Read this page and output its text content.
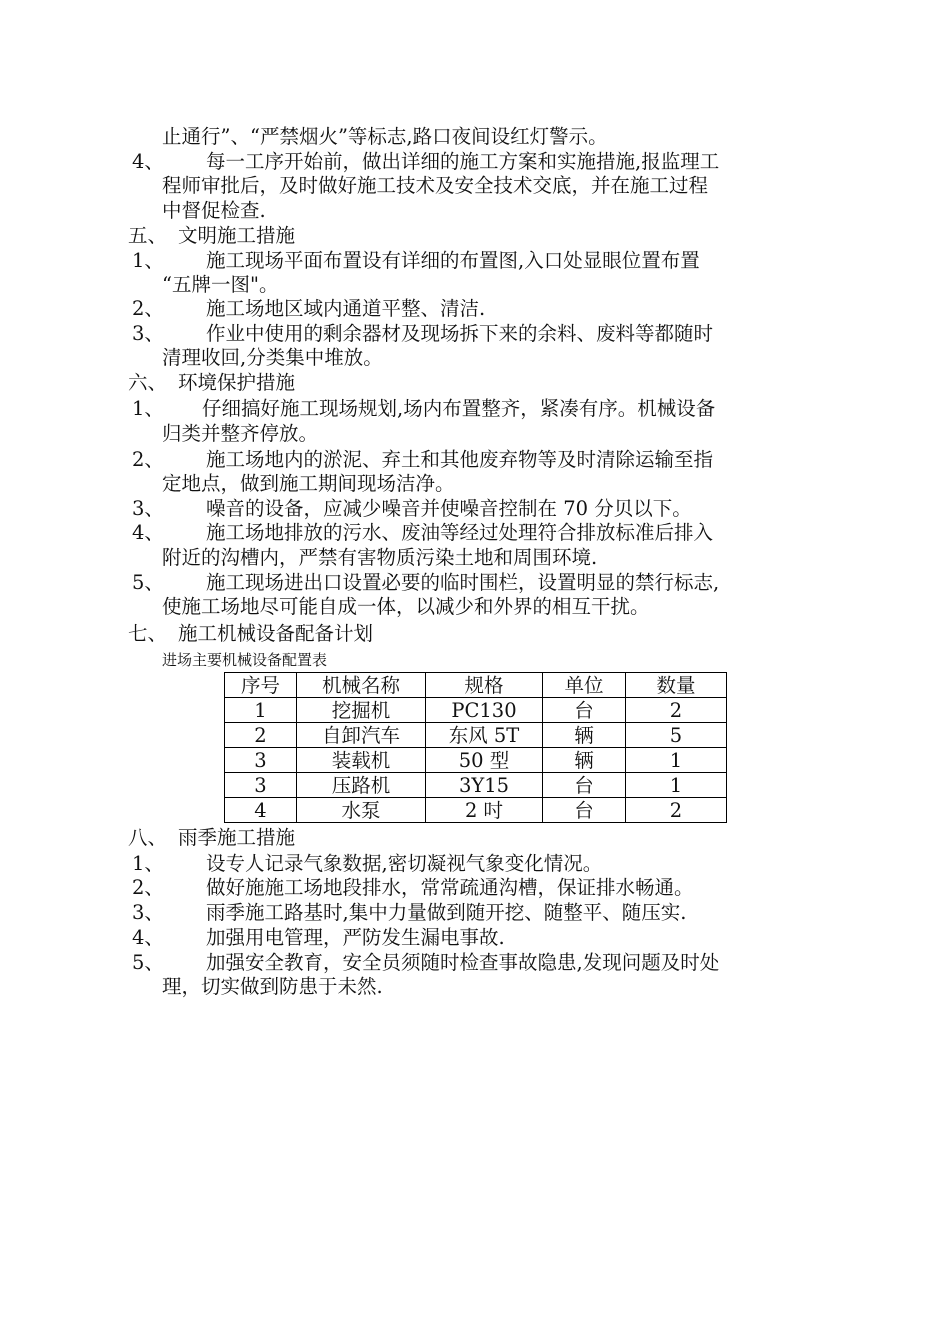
止通行”、“严禁烟火”等标志,路口夜间设红灯警示。
4、 每一工序开始前，做出详细的施工方案和实施措施,报监理工
程师审批后，及时做好施工技术及安全技术交底，并在施工过程
中督促检查.
五、 文明施工措施
1、 施工现场平面布置设有详细的布置图,入口处显眼位置布置
“五牌一图"。
2、 施工场地区域内通道平整、清洁.
3、 作业中使用的剩余器材及现场拆下来的余料、废料等都随时
清理收回,分类集中堆放。
六、 环境保护措施
1、 仔细搞好施工现场规划,场内布置整齐，紧凑有序。机械设备
归类并整齐停放。
2、 施工场地内的淤泥、弃土和其他废弃物等及时清除运输至指
定地点，做到施工期间现场洁净。
3、 噪音的设备，应减少噪音并使噪音控制在 70 分贝以下。
4、 施工场地排放的污水、废油等经过处理符合排放标准后排入
附近的沟槽内，严禁有害物质污染土地和周围环境.
5、 施工现场进出口设置必要的临时围栏，设置明显的禁行标志,
使施工场地尽可能自成一体，以减少和外界的相互干扰。
七、 施工机械设备配备计划
进场主要机械设备配置表
序号	机械名称	规格	单位	数量
1	挖掘机	PC130	台	2
2	自卸汽车	东风 5T	辆	5
3	装载机	50 型	辆	1
3	压路机	3Y15	台	1
4	水泵	2 吋	台	2
八、 雨季施工措施
1、 设专人记录气象数据,密切凝视气象变化情况。
2、 做好施施工场地段排水，常常疏通沟槽，保证排水畅通。
3、 雨季施工路基时,集中力量做到随开挖、随整平、随压实.
4、 加强用电管理，严防发生漏电事故.
5、 加强安全教育，安全员须随时检查事故隐患,发现问题及时处
理，切实做到防患于未然.
